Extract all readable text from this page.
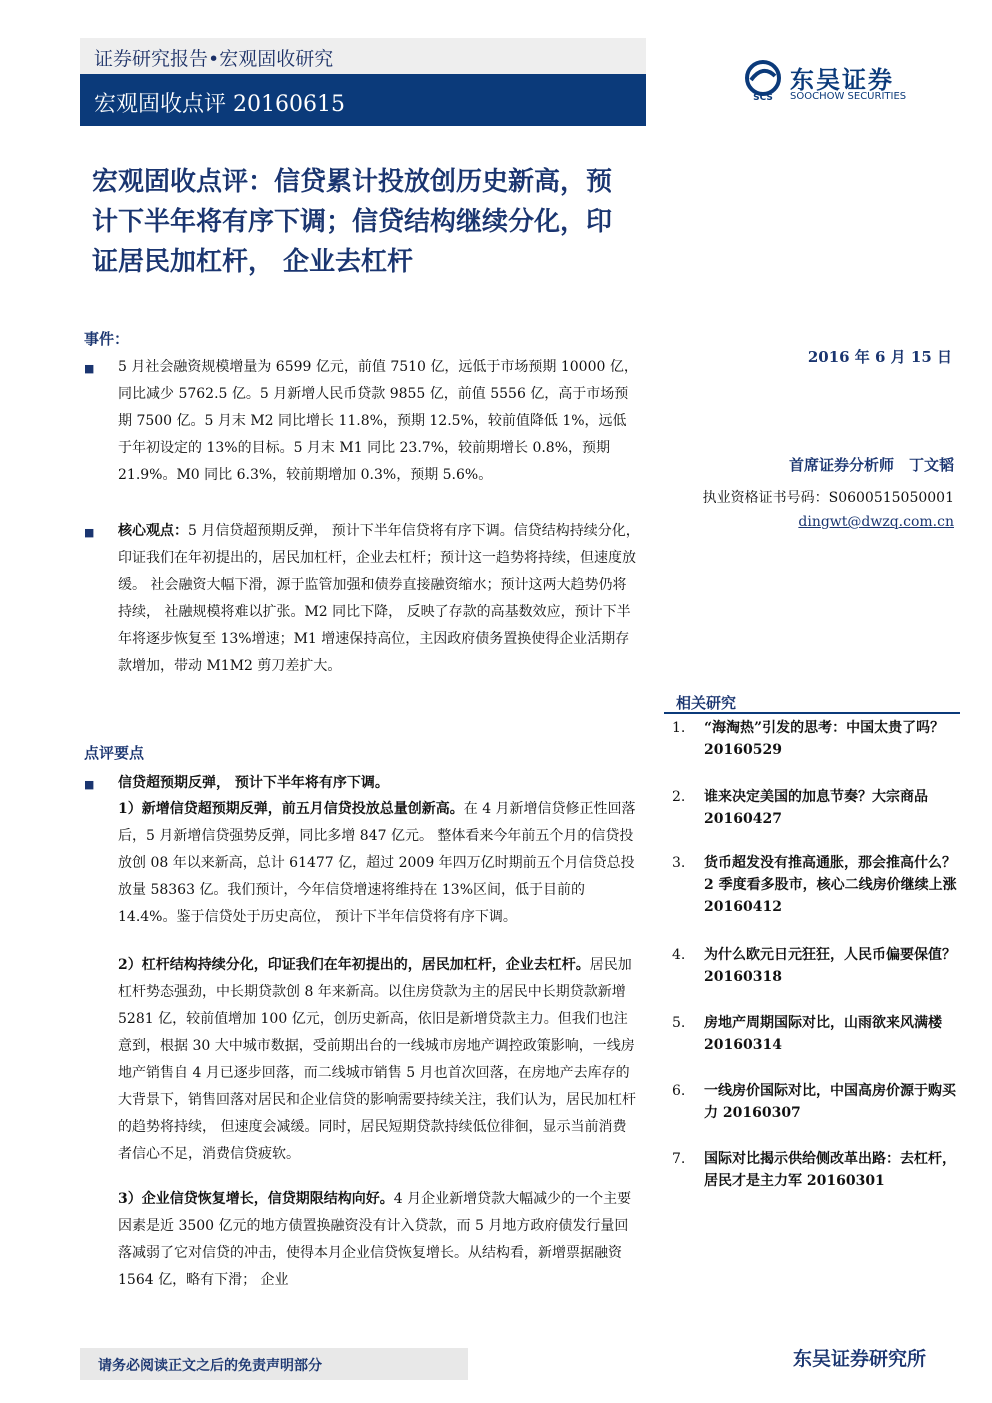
证券研究报告•宏观固收研究
宏观固收点评 20160615	SCS
东吴证券
SOOCHOW SECURITIES
宏观固收点评：信贷累计投放创历史新高，预计下半年将有序下调；信贷结构继续分化，印证居民加杠杆， 企业去杠杆
事件：
■ 5 月社会融资规模增量为 6599 亿元，前值 7510 亿，远低于市场预期 10000 亿，同比减少 5762.5 亿。5 月新增人民币贷款 9855 亿，前值 5556 亿，高于市场预期 7500 亿。5 月末 M2 同比增长 11.8%，预期 12.5%，较前值降低 1%，远低于年初设定的 13%的目标。5 月末 M1 同比 23.7%，较前期增长 0.8%，预期 21.9%。M0 同比 6.3%，较前期增加 0.3%，预期 5.6%。

■ 核心观点：5 月信贷超预期反弹， 预计下半年信贷将有序下调。信贷结构持续分化，印证我们在年初提出的，居民加杠杆，企业去杠杆；预计这一趋势将持续，但速度放缓。 社会融资大幅下滑，源于监管加强和债券直接融资缩水；预计这两大趋势仍将持续， 社融规模将难以扩张。M2 同比下降， 反映了存款的高基数效应，预计下半年将逐步恢复至 13%增速；M1 增速保持高位，主因政府债务置换使得企业活期存款增加，带动 M1M2 剪刀差扩大。

点评要点
■ 信贷超预期反弹， 预计下半年将有序下调。

1）新增信贷超预期反弹，前五月信贷投放总量创新高。在 4 月新增信贷修正性回落后，5 月新增信贷强势反弹，同比多增 847 亿元。 整体看来今年前五个月的信贷投放创 08 年以来新高，总计 61477 亿，超过 2009 年四万亿时期前五个月信贷总投放量 58363 亿。我们预计，今年信贷增速将维持在 13%区间，低于目前的 14.4%。鉴于信贷处于历史高位， 预计下半年信贷将有序下调。

2）杠杆结构持续分化，印证我们在年初提出的，居民加杠杆，企业去杠杆。居民加杠杆势态强劲，中长期贷款创 8 年来新高。以住房贷款为主的居民中长期贷款新增 5281 亿，较前值增加 100 亿元，创历史新高，依旧是新增贷款主力。但我们也注意到，根据 30 大中城市数据，受前期出台的一线城市房地产调控政策影响，一线房地产销售自 4 月已逐步回落，而二线城市销售 5 月也首次回落，在房地产去库存的大背景下，销售回落对居民和企业信贷的影响需要持续关注，我们认为，居民加杠杆的趋势将持续， 但速度会减缓。同时，居民短期贷款持续低位徘徊，显示当前消费者信心不足，消费信贷疲软。

3）企业信贷恢复增长，信贷期限结构向好。4 月企业新增贷款大幅减少的一个主要因素是近 3500 亿元的地方债置换融资没有计入贷款，而 5 月地方政府债发行量回落减弱了它对信贷的冲击，使得本月企业信贷恢复增长。从结构看，新增票据融资 1564 亿，略有下滑； 企业

2016 年 6 月 15 日
首席证券分析师　丁文韬
执业资格证书号码：S0600515050001
dingwt@dwzq.com.cn
相关研究
1. “海淘热”引发的思考：中国太贵了吗？ 20160529
2. 谁来决定美国的加息节奏？大宗商品 20160427
3. 货币超发没有推高通胀，那会推高什么？2 季度看多股市，核心二线房价继续上涨 20160412
4. 为什么欧元日元狂狂，人民币偏要保值？ 20160318
5. 房地产周期国际对比，山雨欲来风满楼 20160314
6. 一线房价国际对比，中国高房价源于购买力 20160307
7. 国际对比揭示供给侧改革出路：去杠杆，居民才是主力军 20160301
请务必阅读正文之后的免责声明部分	东吴证券研究所
